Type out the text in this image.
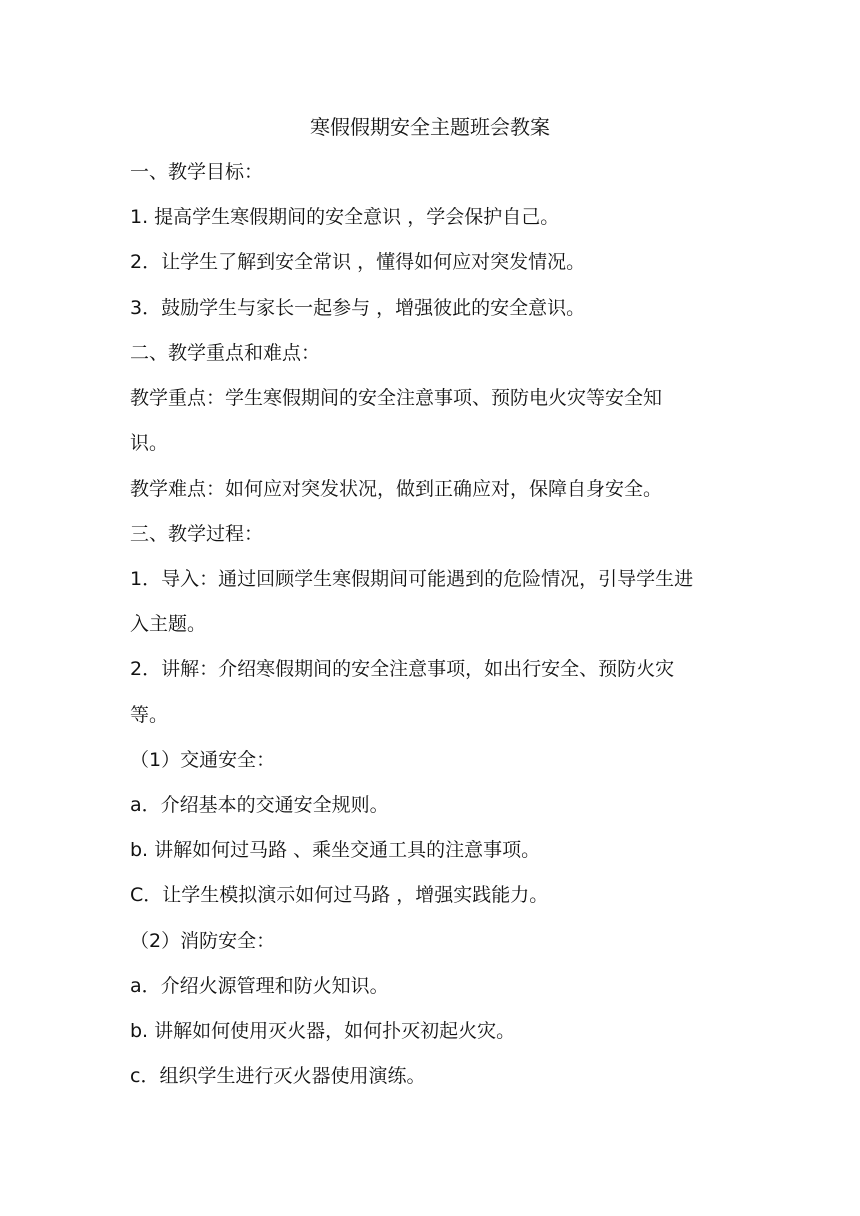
寒假假期安全主题班会教案
一、教学目标：
1. 提高学生寒假期间的安全意识 ，学会保护自己。
2．让学生了解到安全常识 ，懂得如何应对突发情况。
3．鼓励学生与家长一起参与 ，增强彼此的安全意识。
二、教学重点和难点：
教学重点：学生寒假期间的安全注意事项、预防电火灾等安全知
识。
教学难点：如何应对突发状况，做到正确应对，保障自身安全。
三、教学过程：
1．导入：通过回顾学生寒假期间可能遇到的危险情况，引导学生进
入主题。
2．讲解：介绍寒假期间的安全注意事项，如出行安全、预防火灾
等。
（1）交通安全：
a．介绍基本的交通安全规则。
b. 讲解如何过马路 、乘坐交通工具的注意事项。
C．让学生模拟演示如何过马路 ，增强实践能力。
（2）消防安全：
a．介绍火源管理和防火知识。
b. 讲解如何使用灭火器，如何扑灭初起火灾。
c．组织学生进行灭火器使用演练。
